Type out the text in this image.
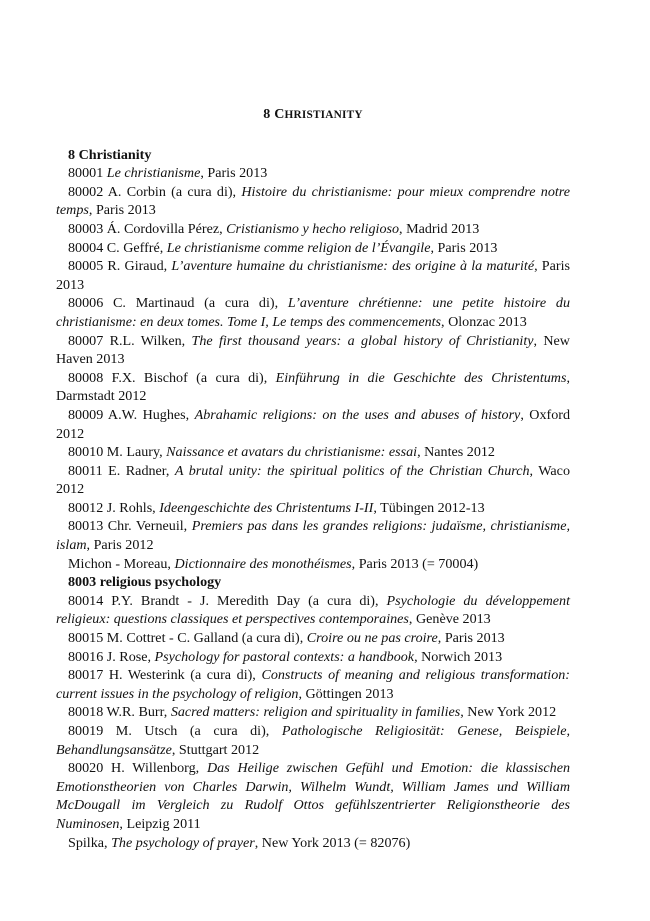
8 CHRISTIANITY
8 Christianity
80001 Le christianisme, Paris 2013
80002 A. Corbin (a cura di), Histoire du christianisme: pour mieux comprendre notre temps, Paris 2013
80003 Á. Cordovilla Pérez, Cristianismo y hecho religioso, Madrid 2013
80004 C. Geffré, Le christianisme comme religion de l’Évangile, Paris 2013
80005 R. Giraud, L’aventure humaine du christianisme: des origine à la maturité, Paris 2013
80006 C. Martinaud (a cura di), L’aventure chrétienne: une petite histoire du christianisme: en deux tomes. Tome I, Le temps des commencements, Olonzac 2013
80007 R.L. Wilken, The first thousand years: a global history of Christianity, New Haven 2013
80008 F.X. Bischof (a cura di), Einführung in die Geschichte des Christentums, Darmstadt 2012
80009 A.W. Hughes, Abrahamic religions: on the uses and abuses of history, Oxford 2012
80010 M. Laury, Naissance et avatars du christianisme: essai, Nantes 2012
80011 E. Radner, A brutal unity: the spiritual politics of the Christian Church, Waco 2012
80012 J. Rohls, Ideengeschichte des Christentums I-II, Tübingen 2012-13
80013 Chr. Verneuil, Premiers pas dans les grandes religions: judaïsme, christianisme, islam, Paris 2012
Michon - Moreau, Dictionnaire des monothéismes, Paris 2013 (= 70004)
8003 religious psychology
80014 P.Y. Brandt - J. Meredith Day (a cura di), Psychologie du développement religieux: questions classiques et perspectives contemporaines, Genève 2013
80015 M. Cottret - C. Galland (a cura di), Croire ou ne pas croire, Paris 2013
80016 J. Rose, Psychology for pastoral contexts: a handbook, Norwich 2013
80017 H. Westerink (a cura di), Constructs of meaning and religious transformation: current issues in the psychology of religion, Göttingen 2013
80018 W.R. Burr, Sacred matters: religion and spirituality in families, New York 2012
80019 M. Utsch (a cura di), Pathologische Religiosität: Genese, Beispiele, Behandlungsansätze, Stuttgart 2012
80020 H. Willenborg, Das Heilige zwischen Gefühl und Emotion: die klassischen Emotionstheorien von Charles Darwin, Wilhelm Wundt, William James und William McDougall im Vergleich zu Rudolf Ottos gefühlszentrierter Religionstheorie des Numinosen, Leipzig 2011
Spilka, The psychology of prayer, New York 2013 (= 82076)
